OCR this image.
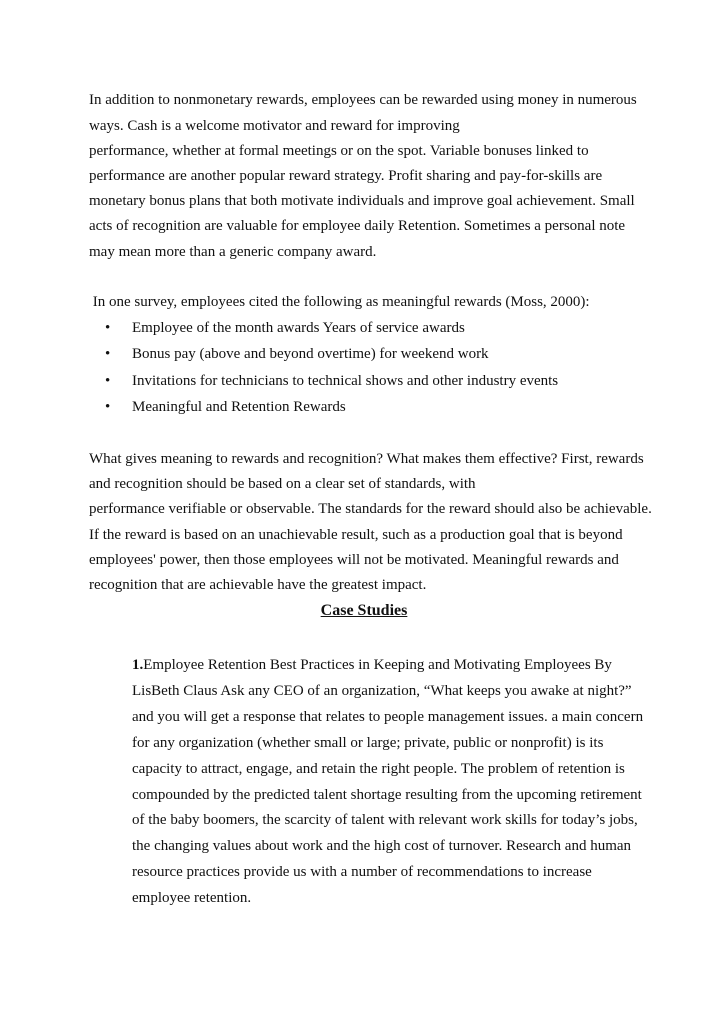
In addition to nonmonetary rewards, employees can be rewarded using money in numerous
ways. Cash is a welcome motivator and reward for improving
performance, whether at formal meetings or on the spot. Variable bonuses linked to
performance are another popular reward strategy. Profit sharing and pay-for-skills are
monetary bonus plans that both motivate individuals and improve goal achievement. Small
acts of recognition are valuable for employee daily Retention. Sometimes a personal note
may mean more than a generic company award.
In one survey, employees cited the following as meaningful rewards (Moss, 2000):
• Employee of the month awards Years of service awards
• Bonus pay (above and beyond overtime) for weekend work
• Invitations for technicians to technical shows and other industry events
• Meaningful and Retention Rewards
What gives meaning to rewards and recognition? What makes them effective? First, rewards
and recognition should be based on a clear set of standards, with
performance verifiable or observable. The standards for the reward should also be achievable.
If the reward is based on an unachievable result, such as a production goal that is beyond
employees' power, then those employees will not be motivated. Meaningful rewards and
recognition that are achievable have the greatest impact.
Case Studies
1.Employee Retention Best Practices in Keeping and Motivating Employees By
LisBeth Claus Ask any CEO of an organization, “What keeps you awake at night?”
and you will get a response that relates to people management issues. a main concern
for any organization (whether small or large; private, public or nonprofit) is its
capacity to attract, engage, and retain the right people. The problem of retention is
compounded by the predicted talent shortage resulting from the upcoming retirement
of the baby boomers, the scarcity of talent with relevant work skills for today’s jobs,
the changing values about work and the high cost of turnover. Research and human
resource practices provide us with a number of recommendations to increase
employee retention.
